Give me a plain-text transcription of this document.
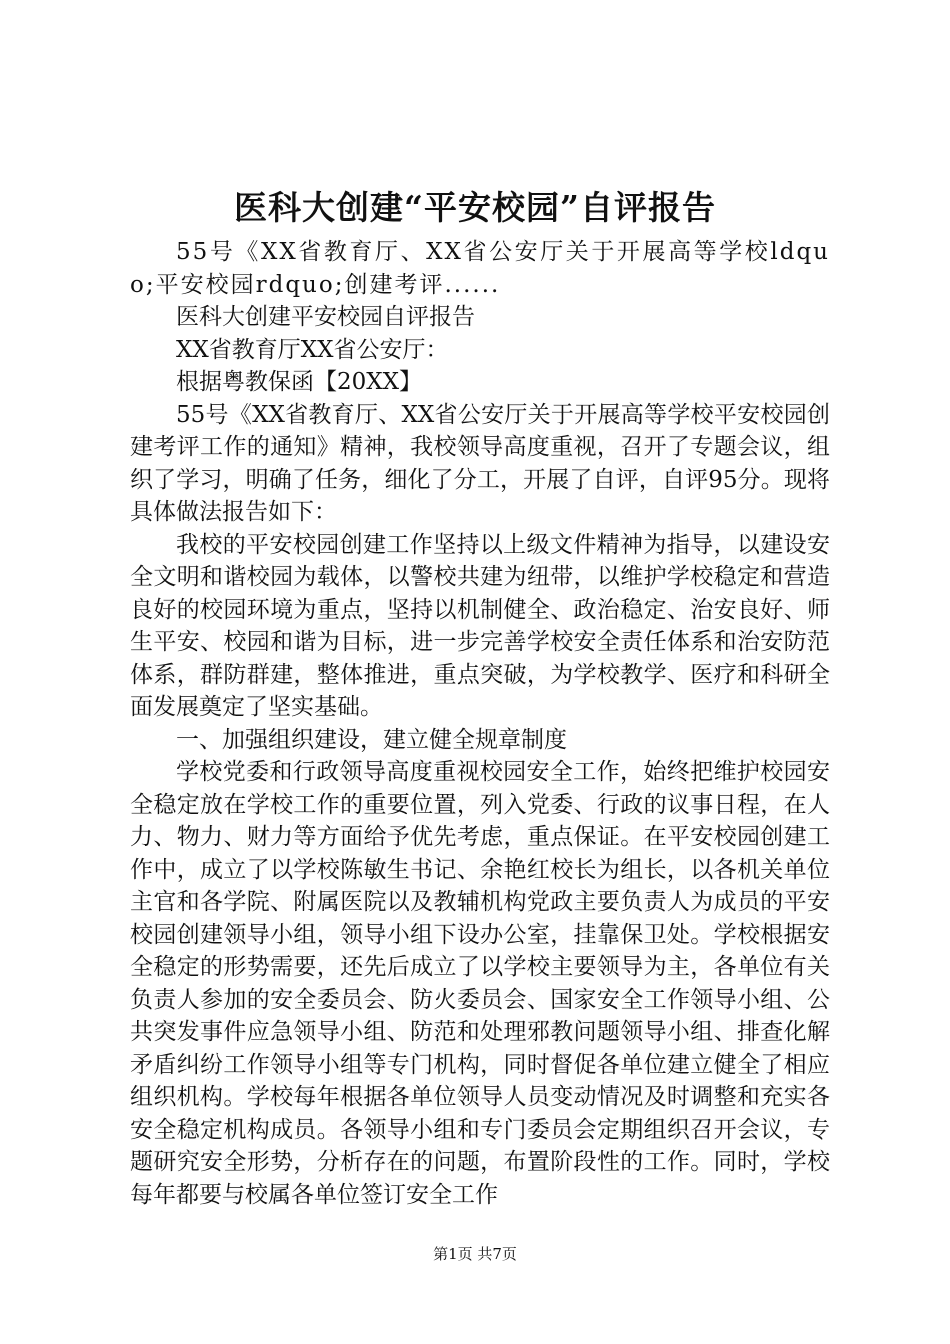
医科大创建“平安校园”自评报告

55号《XX省教育厅、XX省公安厅关于开展高等学校ldquo;平安校园rdquo;创建考评......

医科大创建平安校园自评报告

XX省教育厅XX省公安厅：

根据粤教保函【20XX】

55号《XX省教育厅、XX省公安厅关于开展高等学校平安校园创建考评工作的通知》精神，我校领导高度重视，召开了专题会议，组织了学习，明确了任务，细化了分工，开展了自评，自评95分。现将具体做法报告如下：

我校的平安校园创建工作坚持以上级文件精神为指导，以建设安全文明和谐校园为载体，以警校共建为纽带，以维护学校稳定和营造良好的校园环境为重点，坚持以机制健全、政治稳定、治安良好、师生平安、校园和谐为目标，进一步完善学校安全责任体系和治安防范体系，群防群建，整体推进，重点突破，为学校教学、医疗和科研全面发展奠定了坚实基础。

一、加强组织建设，建立健全规章制度

学校党委和行政领导高度重视校园安全工作，始终把维护校园安全稳定放在学校工作的重要位置，列入党委、行政的议事日程，在人力、物力、财力等方面给予优先考虑，重点保证。在平安校园创建工作中，成立了以学校陈敏生书记、余艳红校长为组长，以各机关单位主官和各学院、附属医院以及教辅机构党政主要负责人为成员的平安校园创建领导小组，领导小组下设办公室，挂靠保卫处。学校根据安全稳定的形势需要，还先后成立了以学校主要领导为主，各单位有关负责人参加的安全委员会、防火委员会、国家安全工作领导小组、公共突发事件应急领导小组、防范和处理邪教问题领导小组、排查化解矛盾纠纷工作领导小组等专门机构，同时督促各单位建立健全了相应组织机构。学校每年根据各单位领导人员变动情况及时调整和充实各安全稳定机构成员。各领导小组和专门委员会定期组织召开会议，专题研究安全形势，分析存在的问题，布置阶段性的工作。同时，学校每年都要与校属各单位签订安全工作

第1页 共7页
